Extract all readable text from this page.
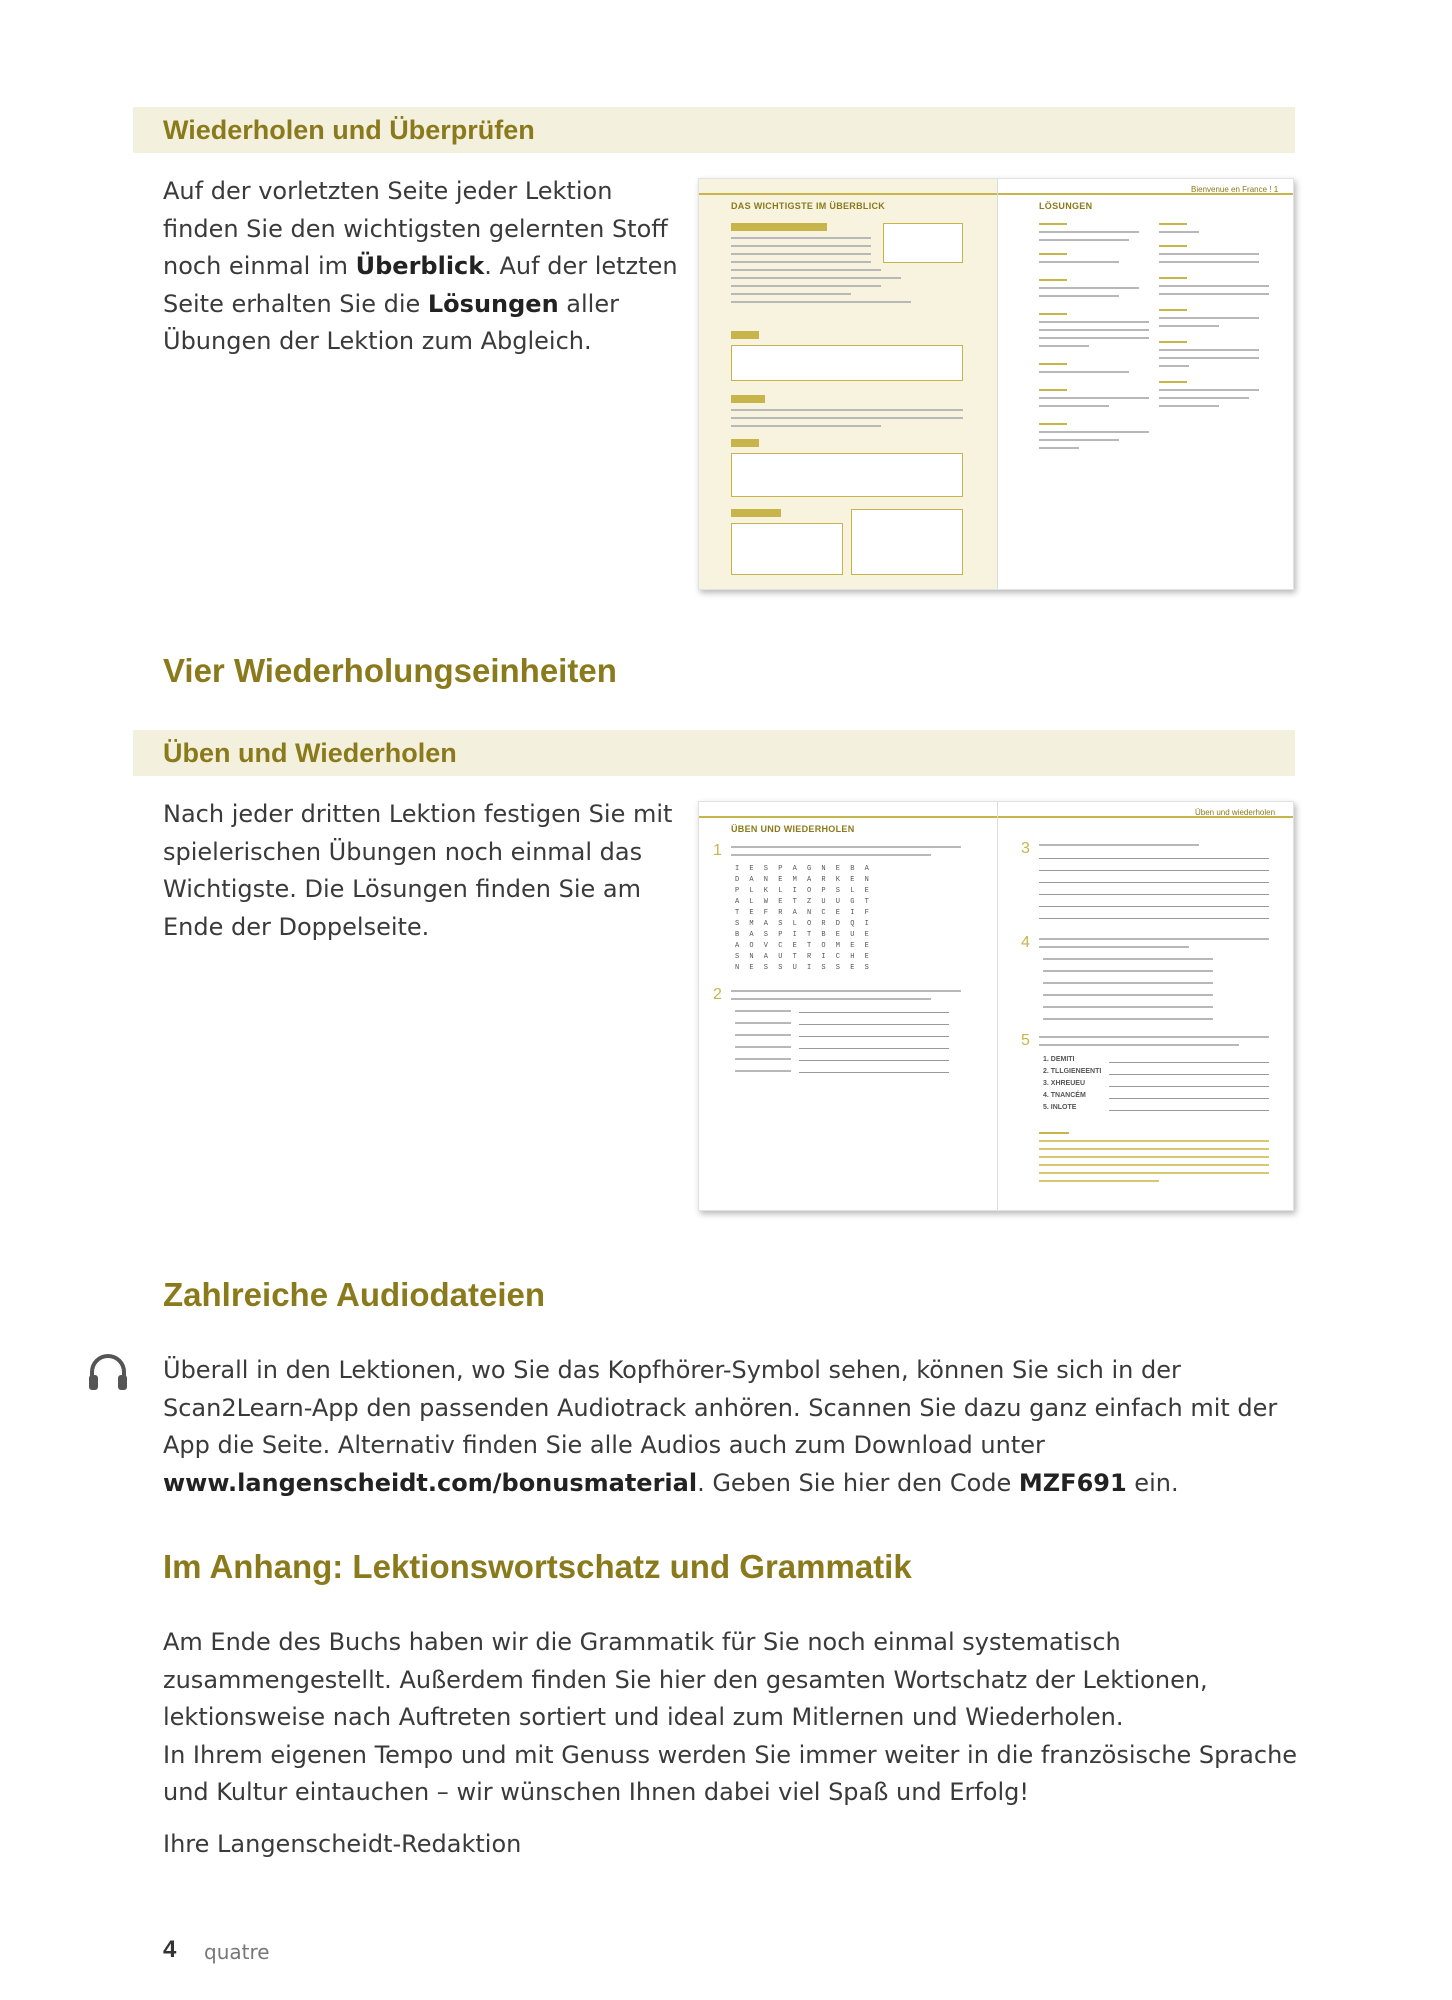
Wiederholen und Überprüfen
Auf der vorletzten Seite jeder Lektion
finden Sie den wichtigsten gelernten Stoff
noch einmal im Überblick. Auf der letzten
Seite erhalten Sie die Lösungen aller
Übungen der Lektion zum Abgleich.
Bienvenue en France ! 1
DAS WICHTIGSTE IM ÜBERBLICK	LÖSUNGEN
Vier Wiederholungseinheiten
Üben und Wiederholen
Nach jeder dritten Lektion festigen Sie mit
spielerischen Übungen noch einmal das
Wichtigste. Die Lösungen finden Sie am
Ende der Doppelseite.
Üben und wiederholen
ÜBEN UND WIEDERHOLEN
1
I E S P A G N E B A
D A N E M A R K E N
P L K L I O P S L E
A L W E T Z U U G T
T E F R A N C E I F
S M A S L O R D Q I
B A S P I T B E U E
A O V C E T O M E E
S N A U T R I C H E
N E S S U I S S E S
2
3
4
5
1. DEMITI
2. TLLGIENEENTI
3. XHREUEU
4. TNANCÉM
5. INLOTE
Zahlreiche Audiodateien
Überall in den Lektionen, wo Sie das Kopfhörer-Symbol sehen, können Sie sich in der
Scan2Learn-App den passenden Audiotrack anhören. Scannen Sie dazu ganz einfach mit der
App die Seite. Alternativ finden Sie alle Audios auch zum Download unter
www.langenscheidt.com/bonusmaterial. Geben Sie hier den Code MZF691 ein.
Im Anhang: Lektionswortschatz und Grammatik
Am Ende des Buchs haben wir die Grammatik für Sie noch einmal systematisch
zusammengestellt. Außerdem finden Sie hier den gesamten Wortschatz der Lektionen,
lektionsweise nach Auftreten sortiert und ideal zum Mitlernen und Wiederholen.
In Ihrem eigenen Tempo und mit Genuss werden Sie immer weiter in die französische Sprache
und Kultur eintauchen – wir wünschen Ihnen dabei viel Spaß und Erfolg!
Ihre Langenscheidt-Redaktion
4 quatre
